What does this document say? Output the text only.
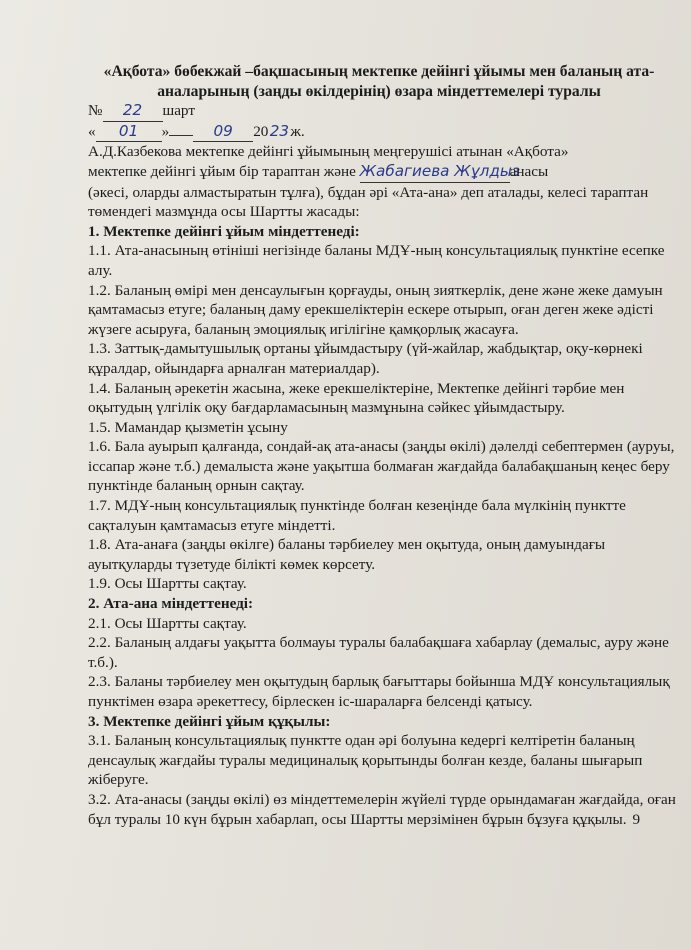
«Ақбота» бөбекжай –бақшасының мектепке дейінгі ұйымы мен баланың ата-аналарының (заңды өкілдерінің) өзара міндеттемелері туралы

№ 22 шарт
« 01 »	09 2023ж.
А.Д.Казбекова мектепке дейінгі ұйымының меңгерушісі атынан «Ақбота»
мектепке дейінгі ұйым бір тараптан және Жабагиева Жұлдызанасы

(әкесі, оларды алмастыратын тұлға), бұдан әрі «Ата-ана» деп аталады, келесі тараптан төмендегі мазмұнда осы Шартты жасады:

1. Мектепке дейінгі ұйым міндеттенеді:

1.1. Ата-анасының өтініші негізінде баланы МДҰ-ның консультациялық пунктіне есепке алу.

1.2. Баланың өмірі мен денсаулығын қорғауды, оның зияткерлік, дене және жеке дамуын қамтамасыз етуге; баланың даму ерекшеліктерін ескере отырып, оған деген жеке әдісті жүзеге асыруға, баланың эмоциялық игілігіне қамқорлық жасауға.

1.3. Заттық-дамытушылық ортаны ұйымдастыру (үй-жайлар, жабдықтар, оқу-көрнекі құралдар, ойындарға арналған материалдар).

1.4. Баланың әрекетін жасына, жеке ерекшеліктеріне, Мектепке дейінгі тәрбие мен оқытудың үлгілік оқу бағдарламасының мазмұнына сәйкес ұйымдастыру.

1.5. Мамандар қызметін ұсыну

1.6. Бала ауырып қалғанда, сондай-ақ ата-анасы (заңды өкілі) дәлелді себептермен (ауруы, іссапар және т.б.) демалыста және уақытша болмаған жағдайда балабақшаның кеңес беру пунктінде баланың орнын сақтау.

1.7. МДҰ-ның консультациялық пунктінде болған кезеңінде бала мүлкінің пунктте сақталуын қамтамасыз етуге міндетті.

1.8. Ата-анаға (заңды өкілге) баланы тәрбиелеу мен оқытуда, оның дамуындағы ауытқуларды түзетуде білікті көмек көрсету.

1.9. Осы Шартты сақтау.

2. Ата-ана міндеттенеді:

2.1. Осы Шартты сақтау.

2.2. Баланың алдағы уақытта болмауы туралы балабақшаға хабарлау (демалыс, ауру және т.б.).

2.3. Баланы тәрбиелеу мен оқытудың барлық бағыттары бойынша МДҰ консультациялық пунктімен өзара әрекеттесу, бірлескен іс-шараларға белсенді қатысу.

3. Мектепке дейінгі ұйым құқылы:

3.1. Баланың консультациялық пунктте одан әрі болуына кедергі келтіретін баланың денсаулық жағдайы туралы медициналық қорытынды болған кезде, баланы шығарып жіберуге.

3.2. Ата-анасы (заңды өкілі) өз міндеттемелерін жүйелі түрде орындамаған жағдайда, оған бұл туралы 10 күн бұрын хабарлап, осы Шартты мерзімінен бұрын бұзуға құқылы. 9
